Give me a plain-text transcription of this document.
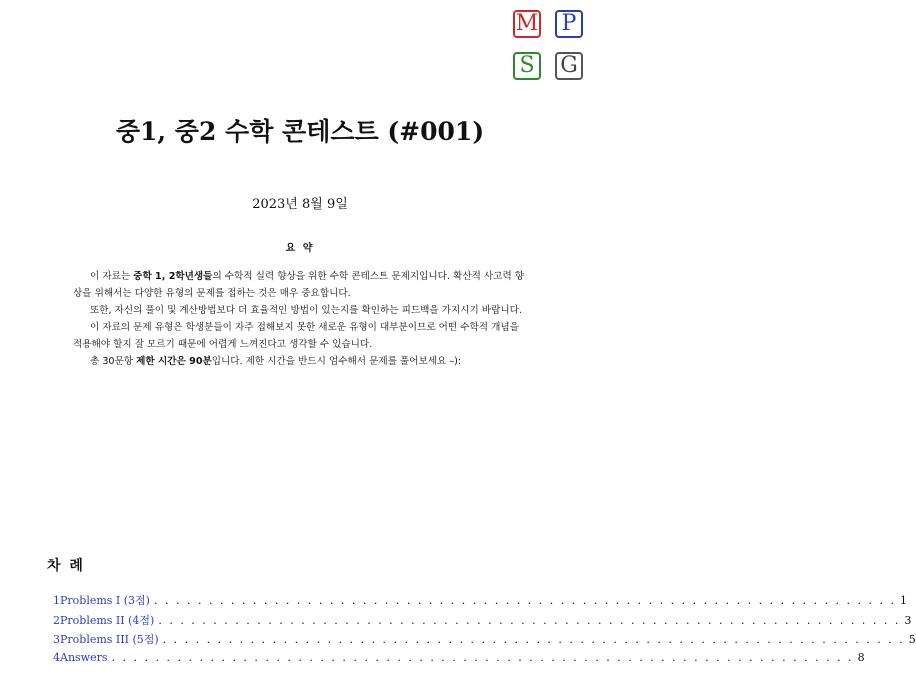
M P
S G
중1, 중2 수학 콘테스트 (#001)
2023년 8월 9일
요 약

이 자료는 중학 1, 2학년생들의 수학적 실력 향상을 위한 수학 콘테스트 문제지입니다. 확산적 사고력 향상을 위해서는 다양한 유형의 문제를 접하는 것은 매우 중요합니다.

또한, 자신의 풀이 및 계산방법보다 더 효율적인 방법이 있는지를 확인하는 피드백을 가지시기 바랍니다.

이 자료의 문제 유형은 학생분들이 자주 접해보지 못한 새로운 유형이 대부분이므로 어떤 수학적 개념을 적용해야 할지 잘 모르기 때문에 어렵게 느껴진다고 생각할 수 있습니다.

총 30문항 제한 시간은 90분입니다. 제한 시간을 반드시 엄수해서 문제를 풀어보세요 –):

차 례
1 Problems I (3점) . . . . . . . . . . . . . . . . . . . . . . . . . . . . . . . . . . . . . . . . . . . . . . . . . . . . . . . . . . . . . . . . . . . . 1
2 Problems II (4점) . . . . . . . . . . . . . . . . . . . . . . . . . . . . . . . . . . . . . . . . . . . . . . . . . . . . . . . . . . . . . . . . . . . . 3
3 Problems III (5점) . . . . . . . . . . . . . . . . . . . . . . . . . . . . . . . . . . . . . . . . . . . . . . . . . . . . . . . . . . . . . . . . . . . . 5
4 Answers . . . . . . . . . . . . . . . . . . . . . . . . . . . . . . . . . . . . . . . . . . . . . . . . . . . . . . . . . . . . . . . . . . . . 8
